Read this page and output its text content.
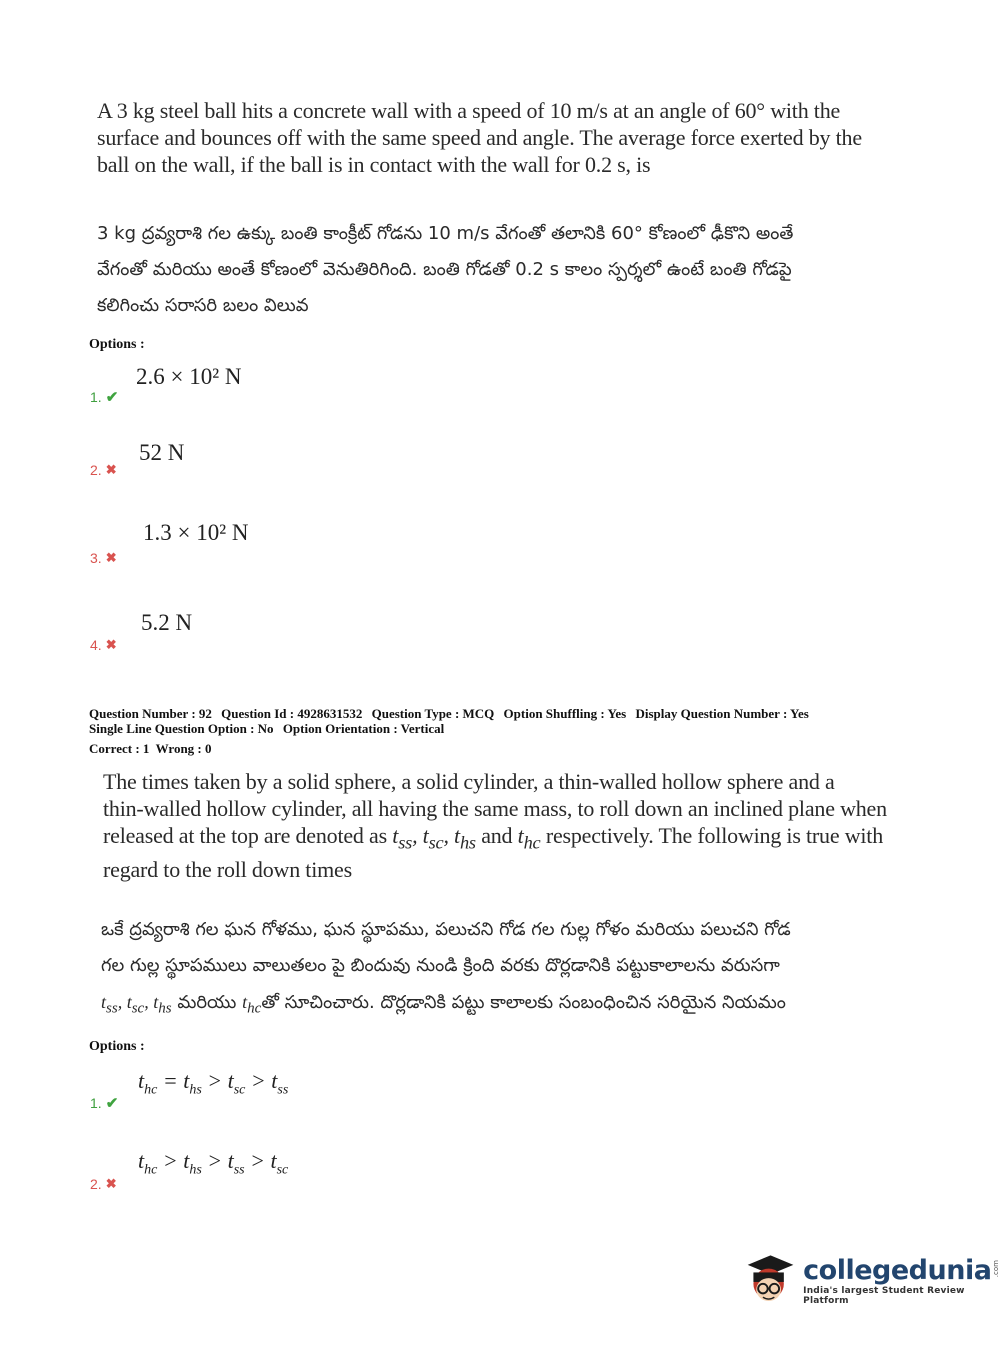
A 3 kg steel ball hits a concrete wall with a speed of 10 m/s at an angle of 60° with the
surface and bounces off with the same speed and angle. The average force exerted by the
ball on the wall, if the ball is in contact with the wall for 0.2 s, is
3 kg ద్రవ్యరాశి గల ఉక్కు బంతి కాంక్రీట్ గోడను 10 m/s వేగంతో తలానికి 60° కోణంలో ఢీకొని అంతే
వేగంతో మరియు అంతే కోణంలో వెనుతిరిగింది. బంతి గోడతో 0.2 s కాలం స్పర్శలో ఉంటే బంతి గోడపై
కలిగించు సరాసరి బలం విలువ
Options :
2.6 × 10² N
1. ✔
52 N
2. ✖
1.3 × 10² N
3. ✖
5.2 N
4. ✖
Question Number : 92 Question Id : 4928631532 Question Type : MCQ Option Shuffling : Yes Display Question Number : Yes
Single Line Question Option : No Option Orientation : Vertical
Correct : 1  Wrong : 0
The times taken by a solid sphere, a solid cylinder, a thin-walled hollow sphere and a
thin-walled hollow cylinder, all having the same mass, to roll down an inclined plane when
released at the top are denoted as $t_{ss}$, $t_{sc}$, $t_{hs}$ and $t_{hc}$ respectively. The following is true with
regard to the roll down times
ఒకే ద్రవ్యరాశి గల ఘన గోళము, ఘన స్థూపము, పలుచని గోడ గల గుల్ల గోళం మరియు పలుచని గోడ
గల గుల్ల స్థూపములు వాలుతలం పై బిందువు నుండి క్రింది వరకు దొర్లడానికి పట్టుకాలాలను వరుసగా
$t_{ss}$, $t_{sc}$, $t_{hs}$ మరియు $t_{hc}తో$ సూచించారు. దొర్లడానికి పట్టు కాలాలకు సంబంధించిన సరియైన నియమం
Options :
$t_{hc} = t_{hs} > t_{sc} > t_{ss}$
1. ✔
$t_{hc} > t_{hs} > t_{ss} > t_{sc}$
2. ✖
collegedunia .com
India's largest Student Review Platform
